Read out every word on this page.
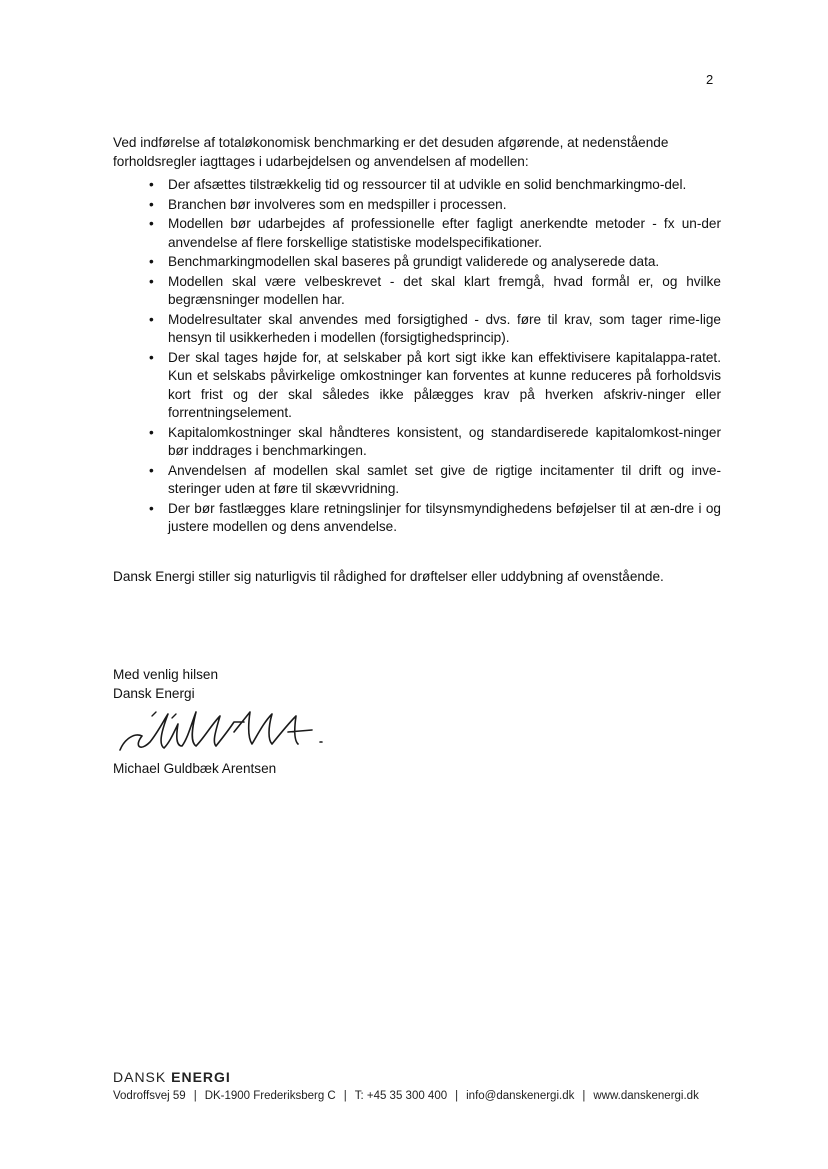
2

Ved indførelse af totaløkonomisk benchmarking er det desuden afgørende, at nedenstående forholdsregler iagttages i udarbejdelsen og anvendelsen af modellen:

• Der afsættes tilstrækkelig tid og ressourcer til at udvikle en solid benchmarkingmo-del.
• Branchen bør involveres som en medspiller i processen.
• Modellen bør udarbejdes af professionelle efter fagligt anerkendte metoder - fx un-der anvendelse af flere forskellige statistiske modelspecifikationer.
• Benchmarkingmodellen skal baseres på grundigt validerede og analyserede data.
• Modellen skal være velbeskrevet - det skal klart fremgå, hvad formål er, og hvilke begrænsninger modellen har.
• Modelresultater skal anvendes med forsigtighed - dvs. føre til krav, som tager rime-lige hensyn til usikkerheden i modellen (forsigtighedsprincip).
• Der skal tages højde for, at selskaber på kort sigt ikke kan effektivisere kapitalappa-ratet. Kun et selskabs påvirkelige omkostninger kan forventes at kunne reduceres på forholdsvis kort frist og der skal således ikke pålægges krav på hverken afskriv-ninger eller forrentningselement.
• Kapitalomkostninger skal håndteres konsistent, og standardiserede kapitalomkost-ninger bør inddrages i benchmarkingen.
• Anvendelsen af modellen skal samlet set give de rigtige incitamenter til drift og inve-steringer uden at føre til skævvridning.
• Der bør fastlægges klare retningslinjer for tilsynsmyndighedens beføjelser til at æn-dre i og justere modellen og dens anvendelse.

Dansk Energi stiller sig naturligvis til rådighed for drøftelser eller uddybning af ovenstående.

Med venlig hilsen
Dansk Energi

Michael Guldbæk Arentsen

DANSK ENERGI
Vodroffsvej 59 | DK-1900 Frederiksberg C | T: +45 35 300 400 | info@danskenergi.dk | www.danskenergi.dk
